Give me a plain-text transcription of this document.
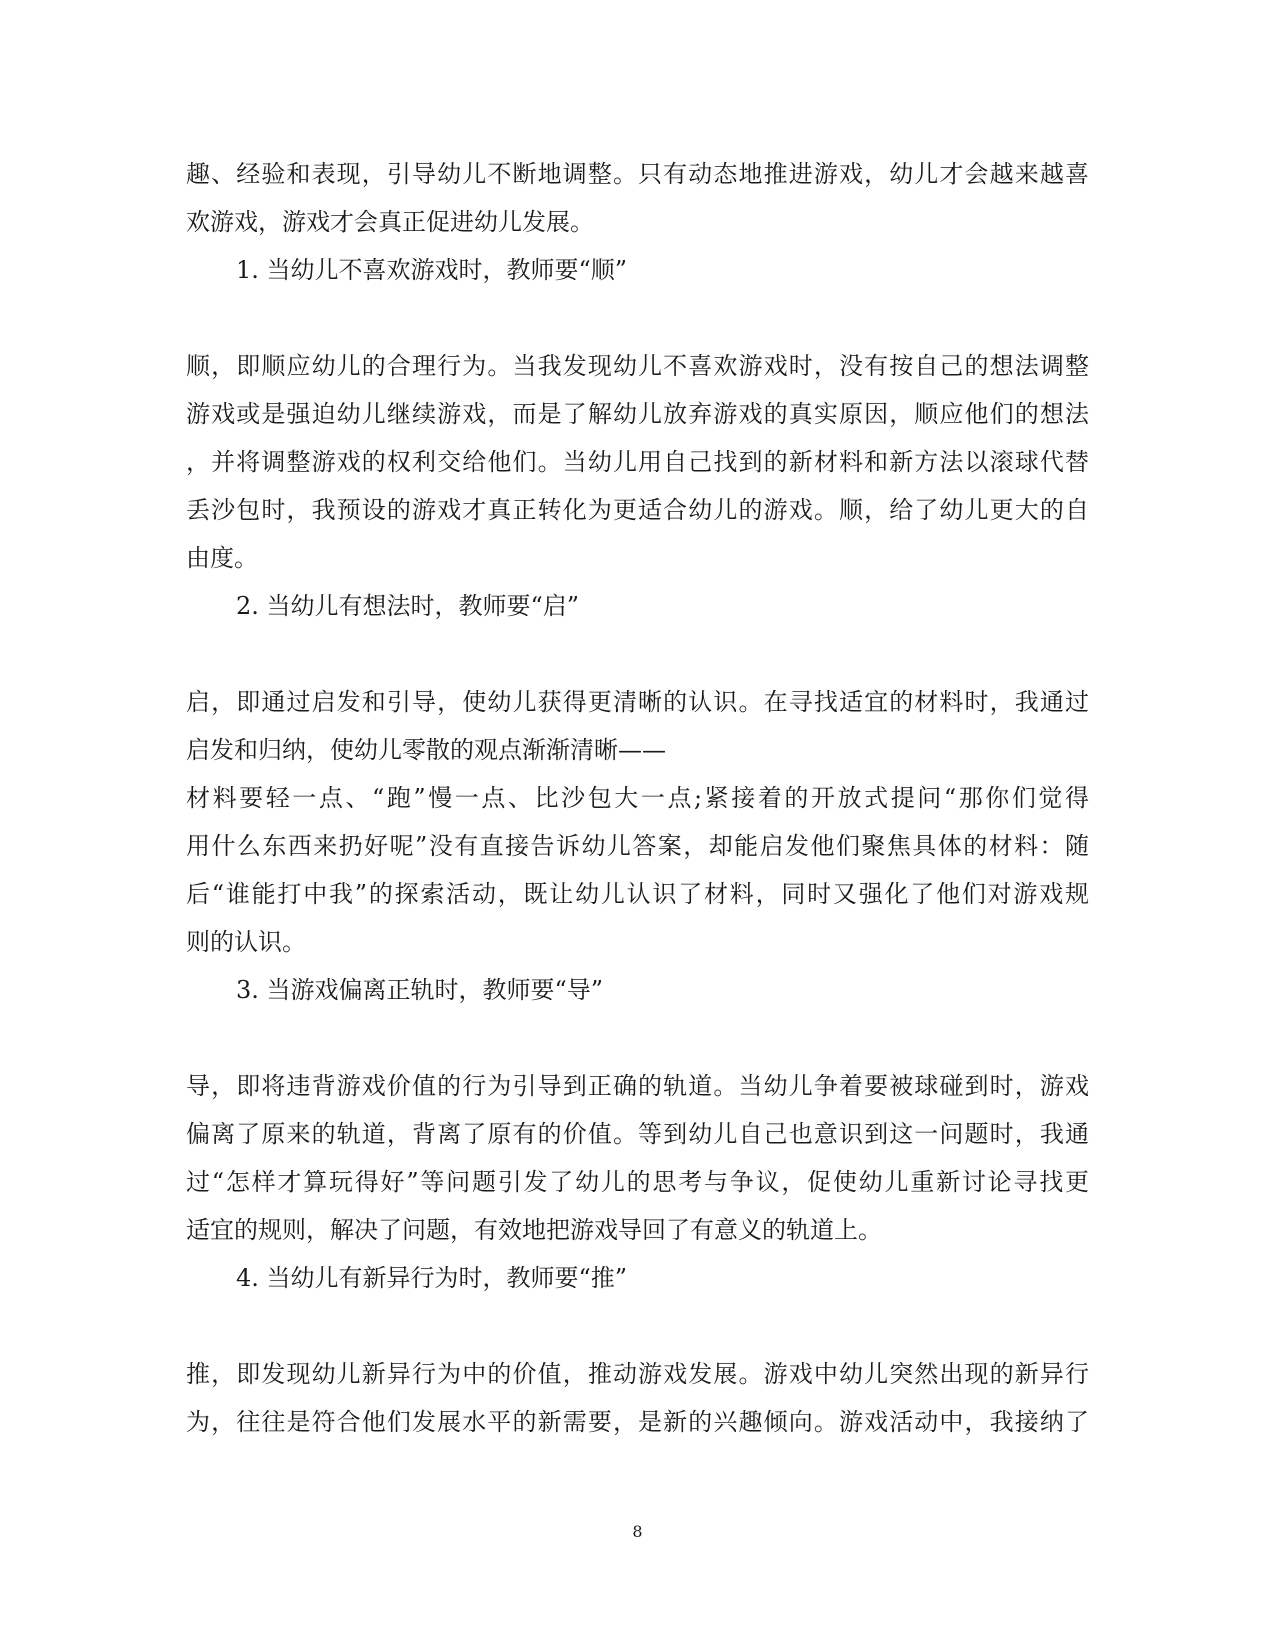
趣、经验和表现，引导幼儿不断地调整。只有动态地推进游戏，幼儿才会越来越喜
欢游戏，游戏才会真正促进幼儿发展。
1. 当幼儿不喜欢游戏时，教师要“顺”
顺，即顺应幼儿的合理行为。当我发现幼儿不喜欢游戏时，没有按自己的想法调整
游戏或是强迫幼儿继续游戏，而是了解幼儿放弃游戏的真实原因，顺应他们的想法
，并将调整游戏的权利交给他们。当幼儿用自己找到的新材料和新方法以滚球代替
丢沙包时，我预设的游戏才真正转化为更适合幼儿的游戏。顺，给了幼儿更大的自
由度。
2. 当幼儿有想法时，教师要“启”
启，即通过启发和引导，使幼儿获得更清晰的认识。在寻找适宜的材料时，我通过
启发和归纳，使幼儿零散的观点渐渐清晰——
材料要轻一点、“跑”慢一点、比沙包大一点;紧接着的开放式提问“那你们觉得
用什么东西来扔好呢”没有直接告诉幼儿答案，却能启发他们聚焦具体的材料：随
后“谁能打中我”的探索活动，既让幼儿认识了材料，同时又强化了他们对游戏规
则的认识。
3. 当游戏偏离正轨时，教师要“导”
导，即将违背游戏价值的行为引导到正确的轨道。当幼儿争着要被球碰到时，游戏
偏离了原来的轨道，背离了原有的价值。等到幼儿自己也意识到这一问题时，我通
过“怎样才算玩得好”等问题引发了幼儿的思考与争议，促使幼儿重新讨论寻找更
适宜的规则，解决了问题，有效地把游戏导回了有意义的轨道上。
4. 当幼儿有新异行为时，教师要“推”
推，即发现幼儿新异行为中的价值，推动游戏发展。游戏中幼儿突然出现的新异行
为，往往是符合他们发展水平的新需要，是新的兴趣倾向。游戏活动中，我接纳了
8
